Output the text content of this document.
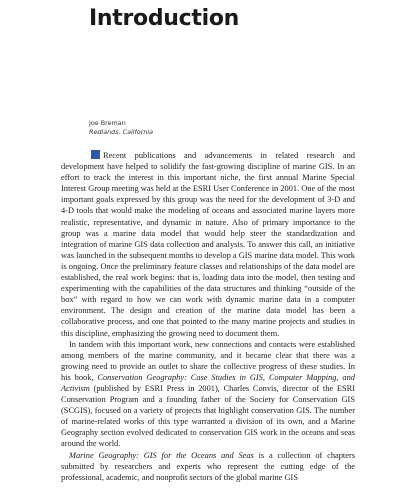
Introduction
Joe Breman
Redlands, California

Recent publications and advancements in related research and development have helped to solidify the fast-growing discipline of marine GIS. In an effort to track the interest in this important niche, the first annual Marine Special Interest Group meeting was held at the ESRI User Conference in 2001. One of the most important goals expressed by this group was the need for the development of 3-D and 4-D tools that would make the modeling of oceans and associated marine layers more realistic, representative, and dynamic in nature. Also of primary importance to the group was a marine data model that would help steer the standardization and integration of marine GIS data collection and analysis. To answer this call, an initiative was launched in the subsequent months to develop a GIS marine data model. This work is ongoing. Once the preliminary feature classes and relationships of the data model are established, the real work begins: that is, loading data into the model, then testing and experimenting with the capabilities of the data structures and thinking “outside of the box” with regard to how we can work with dynamic marine data in a computer environment. The design and creation of the marine data model has been a collaborative process, and one that pointed to the many marine projects and studies in this discipline, emphasizing the growing need to document them.

In tandem with this important work, new connections and contacts were established among members of the marine community, and it became clear that there was a growing need to provide an outlet to share the collective progress of these studies. In his book, Conservation Geography: Case Studies in GIS, Computer Mapping, and Activism (published by ESRI Press in 2001), Charles Convis, director of the ESRI Conservation Program and a founding father of the Society for Conservation GIS (SCGIS), focused on a variety of projects that highlight conservation GIS. The number of marine-related works of this type warranted a division of its own, and a Marine Geography section evolved dedicated to conservation GIS work in the oceans and seas around the world.

Marine Geography: GIS for the Oceans and Seas is a collection of chapters submitted by researchers and experts who represent the cutting edge of the professional, academic, and nonprofit sectors of the global marine GIS
